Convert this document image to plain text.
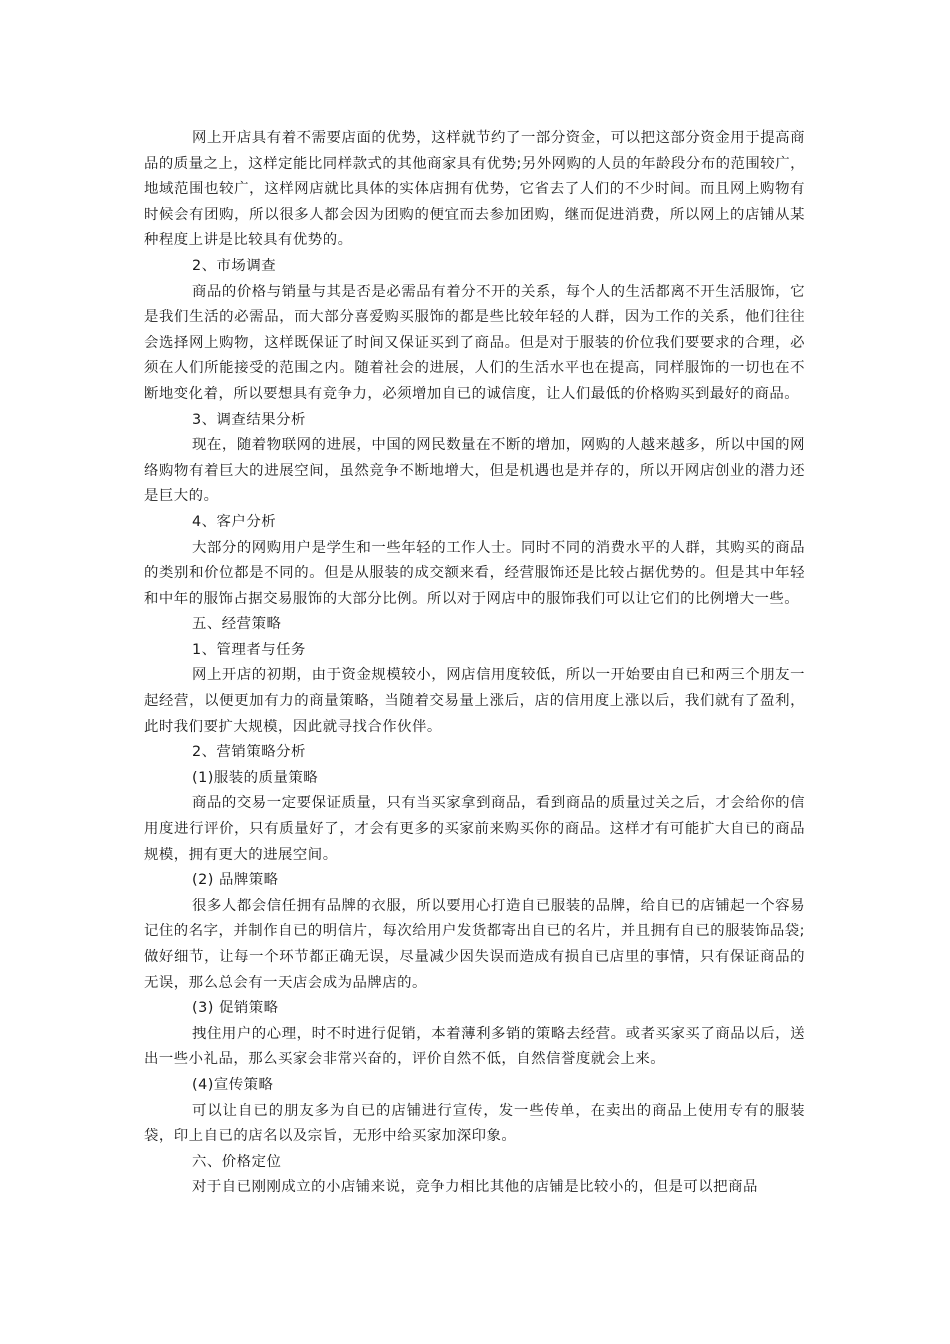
网上开店具有着不需要店面的优势，这样就节约了一部分资金，可以把这部分资金用于提高商品的质量之上，这样定能比同样款式的其他商家具有优势;另外网购的人员的年龄段分布的范围较广，地域范围也较广，这样网店就比具体的实体店拥有优势，它省去了人们的不少时间。而且网上购物有时候会有团购，所以很多人都会因为团购的便宜而去参加团购，继而促进消费，所以网上的店铺从某种程度上讲是比较具有优势的。

2、市场调查

商品的价格与销量与其是否是必需品有着分不开的关系，每个人的生活都离不开生活服饰，它是我们生活的必需品，而大部分喜爱购买服饰的都是些比较年轻的人群，因为工作的关系，他们往往会选择网上购物，这样既保证了时间又保证买到了商品。但是对于服装的价位我们要要求的合理，必须在人们所能接受的范围之内。随着社会的进展，人们的生活水平也在提高，同样服饰的一切也在不断地变化着，所以要想具有竞争力，必须增加自已的诚信度，让人们最低的价格购买到最好的商品。

3、调查结果分析

现在，随着物联网的进展，中国的网民数量在不断的增加，网购的人越来越多，所以中国的网络购物有着巨大的进展空间，虽然竞争不断地增大，但是机遇也是并存的，所以开网店创业的潜力还是巨大的。

4、客户分析

大部分的网购用户是学生和一些年轻的工作人士。同时不同的消费水平的人群，其购买的商品的类别和价位都是不同的。但是从服装的成交额来看，经营服饰还是比较占据优势的。但是其中年轻和中年的服饰占据交易服饰的大部分比例。所以对于网店中的服饰我们可以让它们的比例增大一些。

五、经营策略

1、管理者与任务

网上开店的初期，由于资金规模较小，网店信用度较低，所以一开始要由自已和两三个朋友一起经营，以便更加有力的商量策略，当随着交易量上涨后，店的信用度上涨以后，我们就有了盈利，此时我们要扩大规模，因此就寻找合作伙伴。

2、营销策略分析

(1)服装的质量策略

商品的交易一定要保证质量，只有当买家拿到商品，看到商品的质量过关之后，才会给你的信用度进行评价，只有质量好了，才会有更多的买家前来购买你的商品。这样才有可能扩大自已的商品规模，拥有更大的进展空间。

(2) 品牌策略

很多人都会信任拥有品牌的衣服，所以要用心打造自已服装的品牌，给自已的店铺起一个容易记住的名字，并制作自已的明信片，每次给用户发货都寄出自已的名片，并且拥有自已的服装饰品袋;做好细节，让每一个环节都正确无误，尽量减少因失误而造成有损自已店里的事情，只有保证商品的无误，那么总会有一天店会成为品牌店的。

(3) 促销策略

拽住用户的心理，时不时进行促销，本着薄利多销的策略去经营。或者买家买了商品以后，送出一些小礼品，那么买家会非常兴奋的，评价自然不低，自然信誉度就会上来。

(4)宣传策略

可以让自已的朋友多为自已的店铺进行宣传，发一些传单，在卖出的商品上使用专有的服装袋，印上自已的店名以及宗旨，无形中给买家加深印象。

六、价格定位

对于自已刚刚成立的小店铺来说，竞争力相比其他的店铺是比较小的，但是可以把商品
